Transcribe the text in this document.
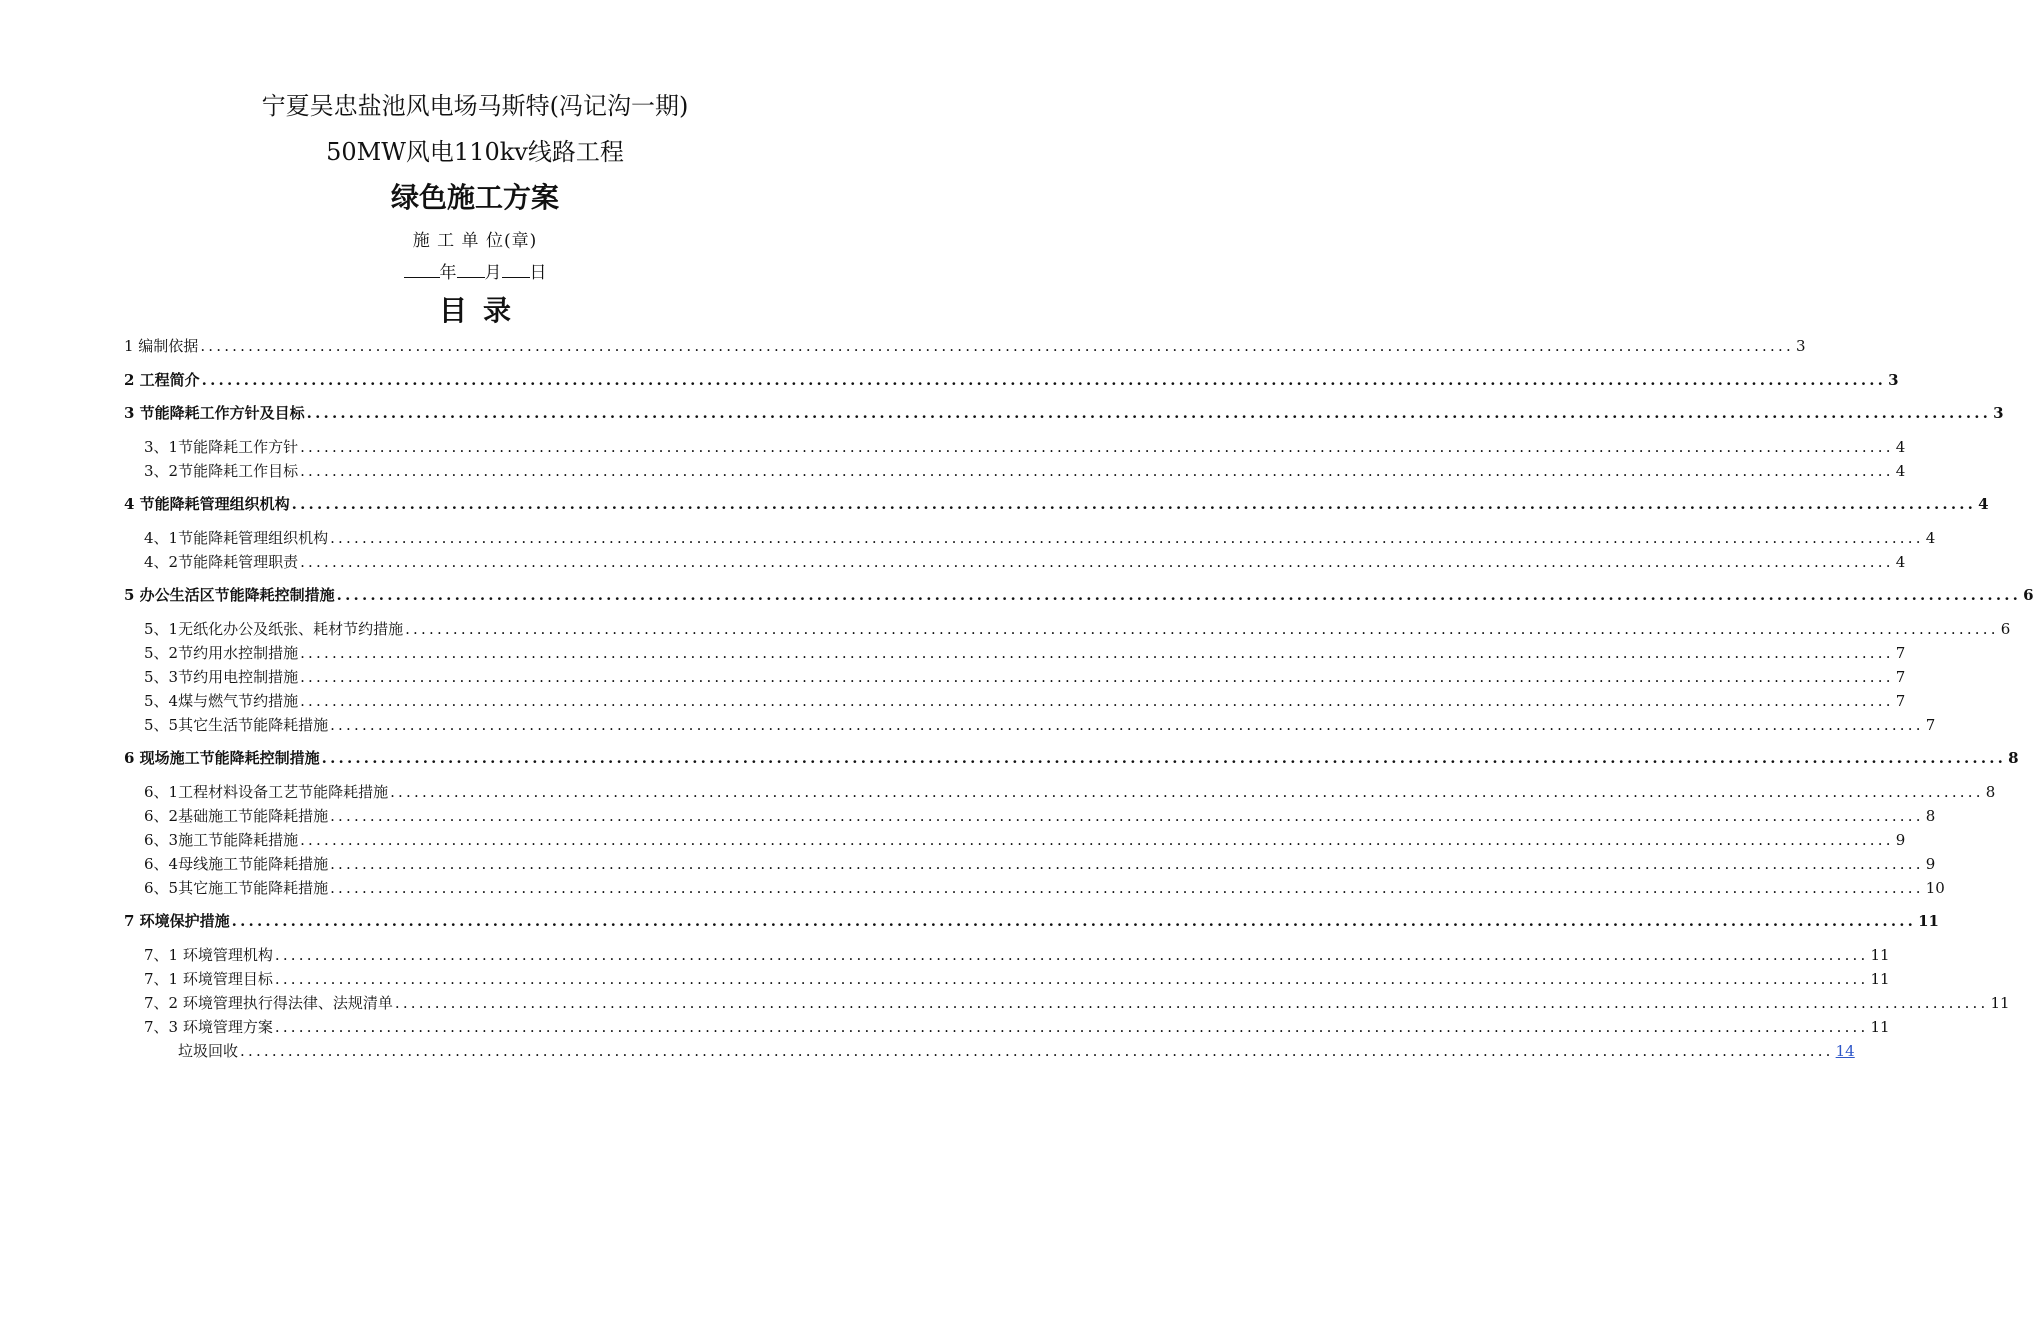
宁夏吴忠盐池风电场马斯特(冯记沟一期)
50MW风电110kv线路工程
绿色施工方案
施 工 单 位(章)
年 月 日
目录
1 编制依据 ........................................................................................................................................................................................................ 3
2 工程简介 ........................................................................................................................................................................................................ 3
3 节能降耗工作方针及目标 ........................................................................................................................................................................................................ 3
3、1节能降耗工作方针 ........................................................................................................................................................................................................ 4
3、2节能降耗工作目标 ........................................................................................................................................................................................................ 4
4 节能降耗管理组织机构 ........................................................................................................................................................................................................ 4
4、1节能降耗管理组织机构 ........................................................................................................................................................................................................ 4
4、2节能降耗管理职责 ........................................................................................................................................................................................................ 4
5 办公生活区节能降耗控制措施 ........................................................................................................................................................................................................ 6
5、1无纸化办公及纸张、耗材节约措施 ........................................................................................................................................................................................................ 6
5、2节约用水控制措施 ........................................................................................................................................................................................................ 7
5、3节约用电控制措施 ........................................................................................................................................................................................................ 7
5、4煤与燃气节约措施 ........................................................................................................................................................................................................ 7
5、5其它生活节能降耗措施 ........................................................................................................................................................................................................ 7
6 现场施工节能降耗控制措施 ........................................................................................................................................................................................................ 8
6、1工程材料设备工艺节能降耗措施 ........................................................................................................................................................................................................ 8
6、2基础施工节能降耗措施 ........................................................................................................................................................................................................ 8
6、3施工节能降耗措施 ........................................................................................................................................................................................................ 9
6、4母线施工节能降耗措施 ........................................................................................................................................................................................................ 9
6、5其它施工节能降耗措施 ........................................................................................................................................................................................................ 10
7 环境保护措施 ........................................................................................................................................................................................................ 11
7、1 环境管理机构 ........................................................................................................................................................................................................ 11
7、1 环境管理目标 ........................................................................................................................................................................................................ 11
7、2 环境管理执行得法律、法规清单 ........................................................................................................................................................................................................ 11
7、3 环境管理方案 ........................................................................................................................................................................................................ 11
垃圾回收 ........................................................................................................................................................................................................ 14
